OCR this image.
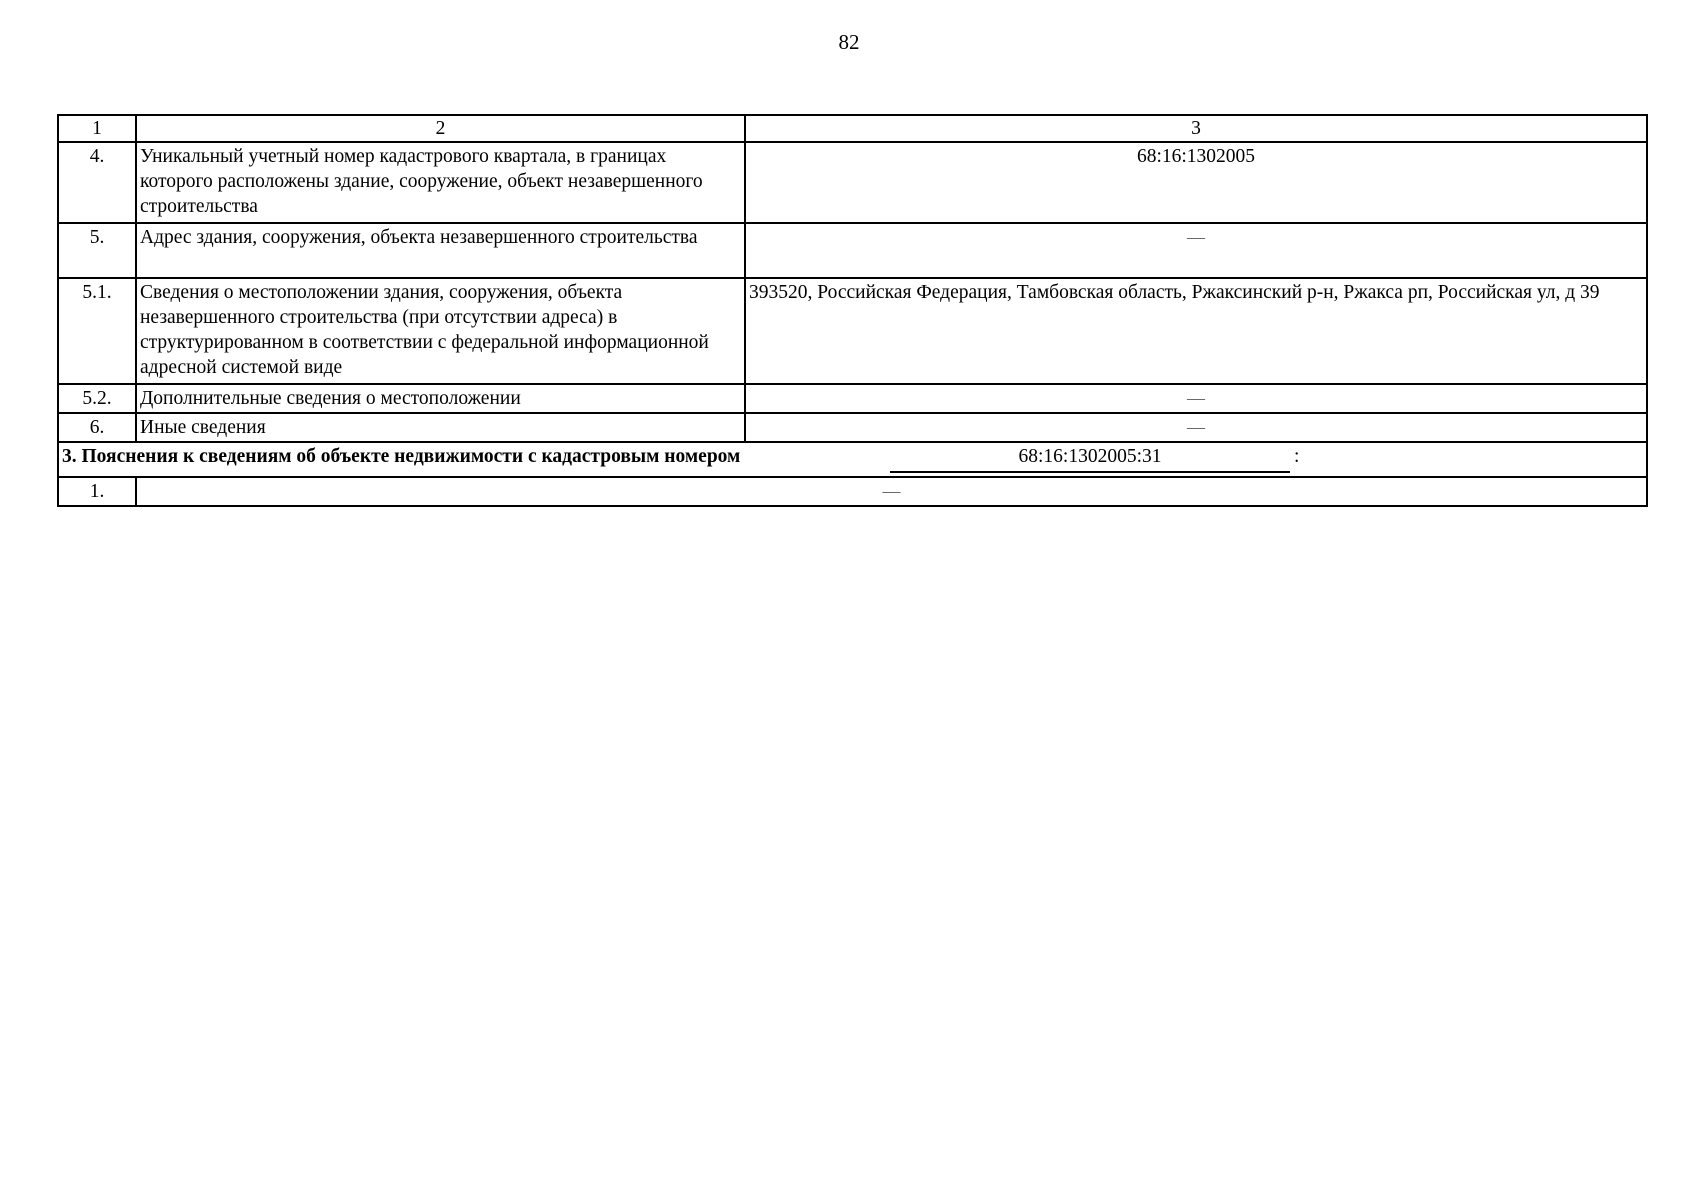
82
1	2	3
4.	Уникальный учетный номер кадастрового квартала, в границах которого расположены здание, сооружение, объект незавершенного строительства	68:16:1302005
5.	Адрес здания, сооружения, объекта незавершенного строительства	—
5.1.	Сведения о местоположении здания, сооружения, объекта незавершенного строительства (при отсутствии адреса) в структурированном в соответствии с федеральной информационной адресной системой виде	393520, Российская Федерация, Тамбовская область, Ржаксинский р-н, Ржакса рп, Российская ул, д 39
5.2.	Дополнительные сведения о местоположении	—
6.	Иные сведения	—

3. Пояснения к сведениям об объекте недвижимости с кадастровым номером 68:16:1302005:31 :		

1.	—	
